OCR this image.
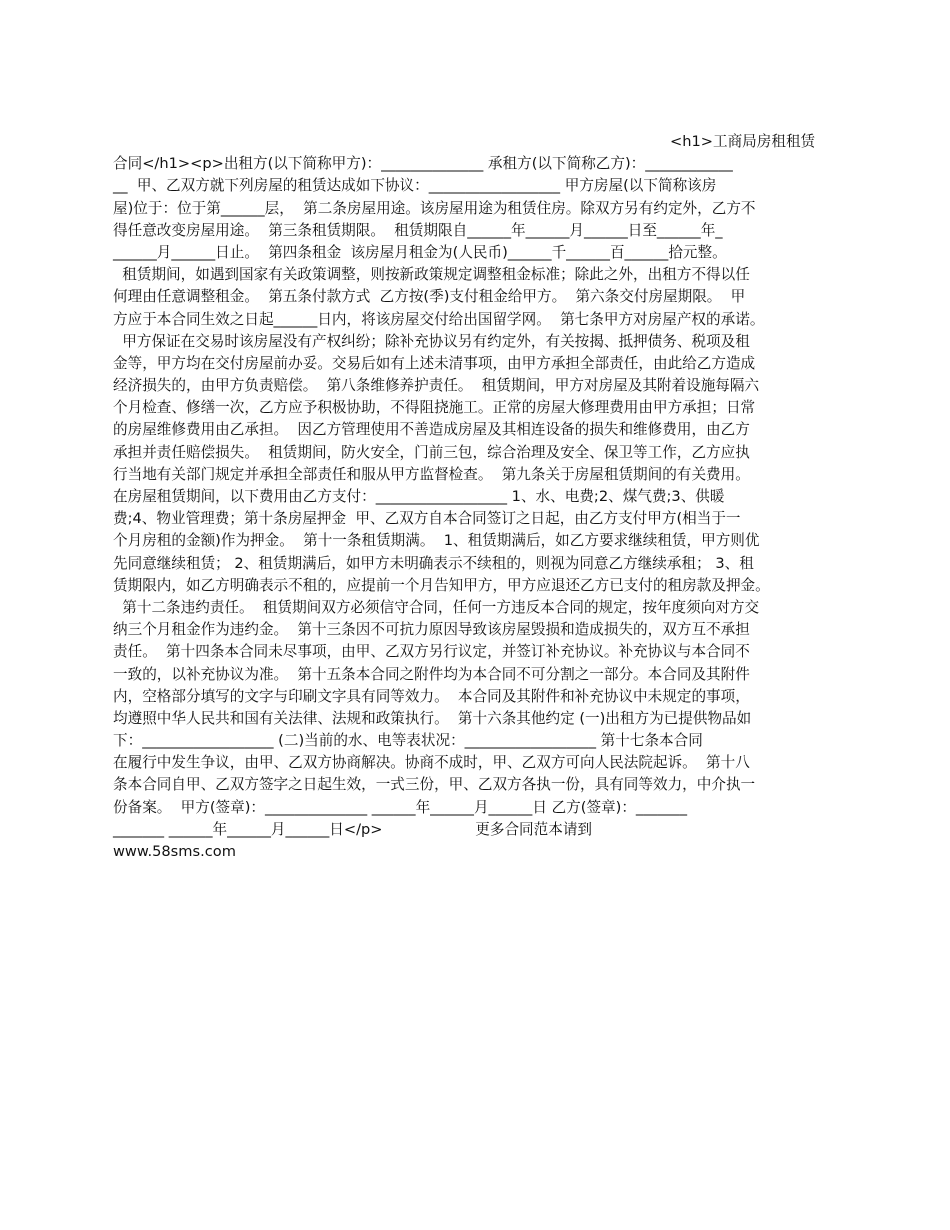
<h1>工商局房租租赁
合同</h1><p>出租方(以下简称甲方)：______________ 承租方(以下简称乙方)：____________
__  甲、乙双方就下列房屋的租赁达成如下协议：__________________ 甲方房屋(以下简称该房
屋)位于：位于第______层，  第二条房屋用途。该房屋用途为租赁住房。除双方另有约定外，乙方不
得任意改变房屋用途。  第三条租赁期限。  租赁期限自______年______月______日至______年_
______月______日止。  第四条租金  该房屋月租金为(人民币)______千______百______拾元整。
租赁期间，如遇到国家有关政策调整，则按新政策规定调整租金标准；除此之外，出租方不得以任
何理由任意调整租金。  第五条付款方式  乙方按(季)支付租金给甲方。  第六条交付房屋期限。  甲
方应于本合同生效之日起______日内，将该房屋交付给出国留学网。  第七条甲方对房屋产权的承诺。
甲方保证在交易时该房屋没有产权纠纷；除补充协议另有约定外，有关按揭、抵押债务、税项及租
金等，甲方均在交付房屋前办妥。交易后如有上述未清事项，由甲方承担全部责任，由此给乙方造成
经济损失的，由甲方负责赔偿。  第八条维修养护责任。  租赁期间，甲方对房屋及其附着设施每隔六
个月检查、修缮一次，乙方应予积极协助，不得阻挠施工。正常的房屋大修理费用由甲方承担；日常
的房屋维修费用由乙承担。  因乙方管理使用不善造成房屋及其相连设备的损失和维修费用，由乙方
承担并责任赔偿损失。  租赁期间，防火安全，门前三包，综合治理及安全、保卫等工作，乙方应执
行当地有关部门规定并承担全部责任和服从甲方监督检查。  第九条关于房屋租赁期间的有关费用。
在房屋租赁期间，以下费用由乙方支付：__________________ 1、水、电费;2、煤气费;3、供暖
费;4、物业管理费；第十条房屋押金  甲、乙双方自本合同签订之日起，由乙方支付甲方(相当于一
个月房租的金额)作为押金。  第十一条租赁期满。  1、租赁期满后，如乙方要求继续租赁，甲方则优
先同意继续租赁； 2、租赁期满后，如甲方未明确表示不续租的，则视为同意乙方继续承租； 3、租
赁期限内，如乙方明确表示不租的，应提前一个月告知甲方，甲方应退还乙方已支付的租房款及押金。
第十二条违约责任。  租赁期间双方必须信守合同，任何一方违反本合同的规定，按年度须向对方交
纳三个月租金作为违约金。  第十三条因不可抗力原因导致该房屋毁损和造成损失的，双方互不承担
责任。  第十四条本合同未尽事项，由甲、乙双方另行议定，并签订补充协议。补充协议与本合同不
一致的，以补充协议为准。  第十五条本合同之附件均为本合同不可分割之一部分。本合同及其附件
内，空格部分填写的文字与印刷文字具有同等效力。  本合同及其附件和补充协议中未规定的事项，
均遵照中华人民共和国有关法律、法规和政策执行。  第十六条其他约定 (一)出租方为已提供物品如
下：__________________ (二)当前的水、电等表状况：__________________ 第十七条本合同
在履行中发生争议，由甲、乙双方协商解决。协商不成时，甲、乙双方可向人民法院起诉。  第十八
条本合同自甲、乙双方签字之日起生效，一式三份，甲、乙双方各执一份，具有同等效力，中介执一
份备案。  甲方(签章)：______________ ______年______月______日 乙方(签章)：_______
_______ ______年______月______日</p>                    更多合同范本请到
www.58sms.com
